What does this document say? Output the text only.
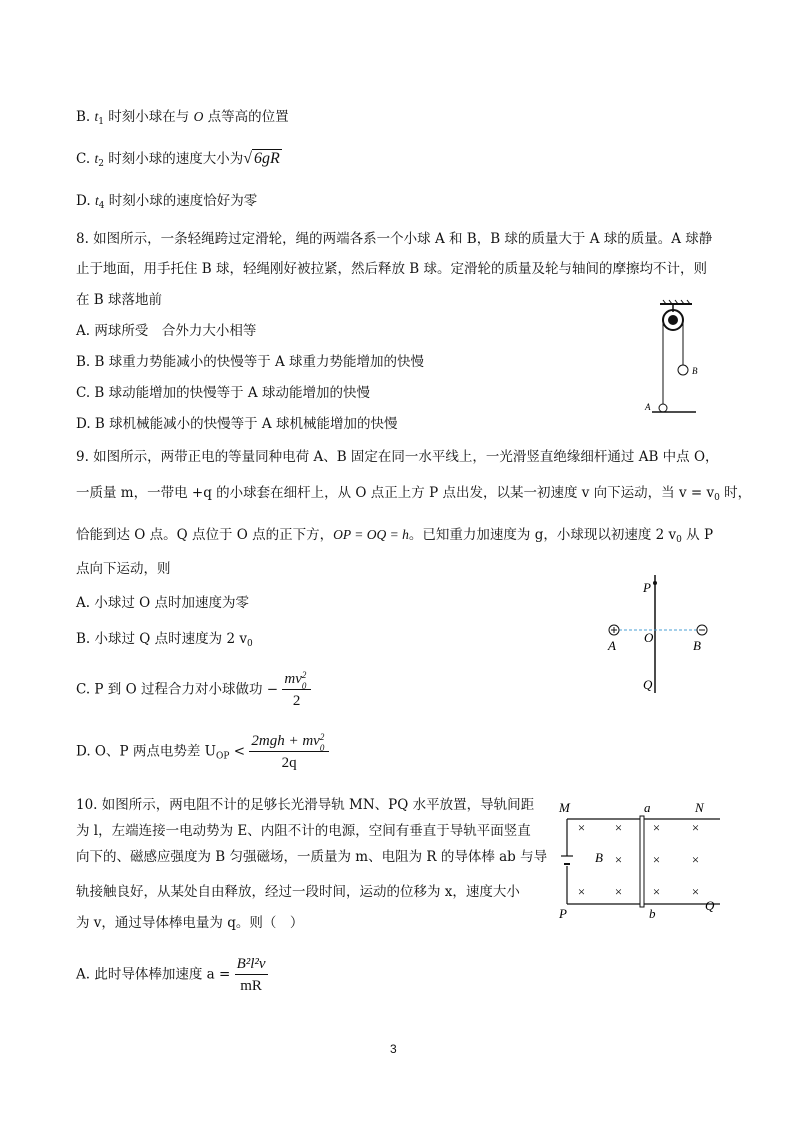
B. $t_1$ 时刻小球在与 O 点等高的位置
C. $t_2$ 时刻小球的速度大小为√ 6gR
D. $t_4$ 时刻小球的速度恰好为零
8. 如图所示，一条轻绳跨过定滑轮，绳的两端各系一个小球 A 和 B，B 球的质量大于 A 球的质量。A 球静
止于地面，用手托住 B 球，轻绳刚好被拉紧，然后释放 B 球。定滑轮的质量及轮与轴间的摩擦均不计，则
在 B 球落地前
A. 两球所受　合外力大小相等
B. B 球重力势能减小的快慢等于 A 球重力势能增加的快慢
C. B 球动能增加的快慢等于 A 球动能增加的快慢
D. B 球机械能减小的快慢等于 A 球机械能增加的快慢
B
A
9. 如图所示，两带正电的等量同种电荷 A、B 固定在同一水平线上，一光滑竖直绝缘细杆通过 AB 中点 O，
一质量 m，一带电 +q 的小球套在细杆上，从 O 点正上方 P 点出发，以某一初速度 v 向下运动，当 $v = v_0$ 时，
恰能到达 O 点。Q 点位于 O 点的正下方，OP = OQ = h。已知重力加速度为 g，小球现以初速度 2 $v_0$ 从 P
点向下运动，则
A. 小球过 O 点时加速度为零
B. 小球过 Q 点时速度为 2 $v_0$
C. P 到 O 过程合力对小球做功 − mv 2
0
2
D. O、P 两点电势差 $U_{OP} < 2mgh$ + mv 2
0
2q
P
A
O
B
Q
10. 如图所示，两电阻不计的足够长光滑导轨 MN、PQ 水平放置，导轨间距
为 l，左端连接一电动势为 E、内阻不计的电源，空间有垂直于导轨平面竖直
向下的、磁感应强度为 B 匀强磁场，一质量为 m、电阻为 R 的导体棒 ab 与导
轨接触良好，从某处自由释放，经过一段时间，运动的位移为 x，速度大小
为 v，通过导体棒电量为 q。则（　）
A. 此时导体棒加速度 $a = \frac{\text{B²l²v}}{mR}$
M	a	N
× × × ×
× × ×
× × × ×
B
P	b
Q
3
